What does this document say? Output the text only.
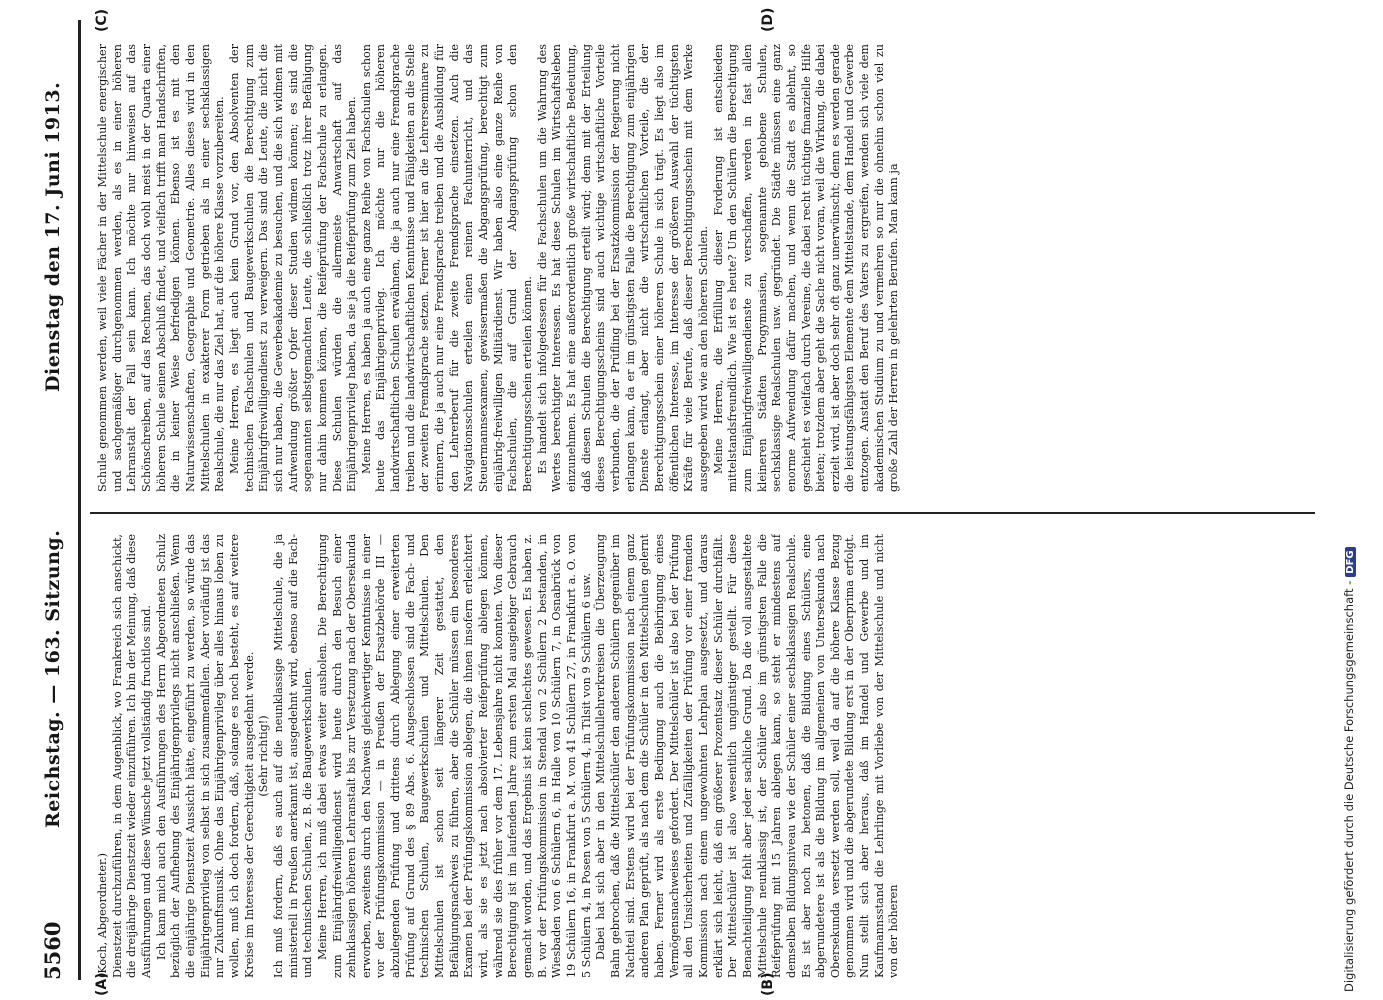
5560
Reichstag. — 163. Sitzung.
Dienstag den 17. Juni 1913.
(A)	(B)
(C)	(D)

(Koch, Abgeordneter.) Dienstzeit durchzuführen, in dem Augenblick, wo Frankreich sich anschickt, die dreijährige Dienstzeit wieder einzuführen. Ich bin der Meinung, daß diese Ausführungen und diese Wünsche jetzt vollständig fruchtlos sind. Ich kann mich auch den Ausführungen des Herrn Abgeordneten Schulz bezüglich der Aufhebung des Einjährigenprivilegs nicht anschließen. Wenn die einjährige Dienstzeit Aussicht hätte, eingeführt zu werden, so würde das Einjährigenprivileg von selbst in sich zusammenfallen. Aber vorläufig ist das nur Zukunftsmusik. Ohne das Einjährigenprivileg über alles hinaus loben zu wollen, muß ich doch fordern, daß, solange es noch besteht, es auf weitere Kreise im Interesse der Gerechtigkeit ausgedehnt werde. (Sehr richtig!) Ich muß fordern, daß es auch auf die neunklassige Mittelschule, die ja ministeriell in Preußen anerkannt ist, ausgedehnt wird, ebenso auf die Fach- und technischen Schulen, z. B. die Baugewerkschulen. Meine Herren, ich muß dabei etwas weiter ausholen. Die Berechtigung zum Einjährigfreiwilligendienst wird heute durch den Besuch einer zehnklassigen höheren Lehranstalt bis zur Versetzung nach der Obersekunda erworben, zweitens durch den Nachweis gleichwertiger Kenntnisse in einer vor der Prüfungskommission — in Preußen der Ersatzbehörde III — abzulegenden Prüfung und drittens durch Ablegung einer erweiterten Prüfung auf Grund des § 89 Abs. 6. Ausgeschlossen sind die Fach- und technischen Schulen, Baugewerkschulen und Mittelschulen. Den Mittelschulen ist schon seit längerer Zeit gestattet, den Befähigungsnachweis zu führen, aber die Schüler müssen ein besonderes Examen bei der Prüfungskommission ablegen, die ihnen insofern erleichtert wird, als sie es jetzt nach absolvierter Reifeprüfung ablegen können, während sie dies früher vor dem 17. Lebensjahre nicht konnten. Von dieser Berechtigung ist im laufenden Jahre zum ersten Mal ausgiebiger Gebrauch gemacht worden, und das Ergebnis ist kein schlechtes gewesen. Es haben z. B. vor der Prüfungskommission in Stendal von 2 Schülern 2 bestanden, in Wiesbaden von 6 Schülern 6, in Halle von 10 Schülern 7, in Osnabrück von 19 Schülern 16, in Frankfurt a. M. von 41 Schülern 27, in Frankfurt a. O. von 5 Schülern 4, in Posen von 5 Schülern 4, in Tilsit von 9 Schülern 6 usw. Dabei hat sich aber in den Mittelschullehrerkreisen die Überzeugung Bahn gebrochen, daß die Mittelschüler den anderen Schülern gegenüber im Nachteil sind. Erstens wird bei der Prüfungskommission nach einem ganz anderen Plan geprüft, als nach dem die Schüler in den Mittelschulen gelernt haben. Ferner wird als erste Bedingung auch die Beibringung eines Vermögensnachweises gefordert. Der Mittelschüler ist also bei der Prüfung all den Unsicherheiten und Zufälligkeiten der Prüfung vor einer fremden Kommission nach einem ungewohnten Lehrplan ausgesetzt, und daraus erklärt sich leicht, daß ein größerer Prozentsatz dieser Schüler durchfällt. Der Mittelschüler ist also wesentlich ungünstiger gestellt. Für diese Benachteiligung fehlt aber jeder sachliche Grund. Da die voll ausgestaltete Mittelschule neunklassig ist, der Schüler also im günstigsten Falle die Reifeprüfung mit 15 Jahren ablegen kann, so steht er mindestens auf demselben Bildungsniveau wie der Schüler einer sechsklassigen Realschule. Es ist aber noch zu betonen, daß die Bildung eines Schülers, eine abgerundetere ist als die Bildung im allgemeinen von Untersekunda nach Obersekunda versetzt werden soll, weil da auf die höhere Klasse Bezug genommen wird und die abgerundete Bildung erst in der Oberprima erfolgt. Nun stellt sich aber heraus, daß im Handel und Gewerbe und im Kaufmannsstand die Lehrlinge mit Vorliebe von der Mittelschule und nicht von der höheren

Schule genommen werden, weil viele Fächer in der Mittelschule energischer und sachgemäßiger durchgenommen werden, als es in einer höheren Lehranstalt der Fall sein kann. Ich möchte nur hinweisen auf das Schönschreiben, auf das Rechnen, das doch wohl meist in der Quarta einer höheren Schule seinen Abschluß findet, und vielfach trifft man Handschriften, die in keiner Weise befriedigen können. Ebenso ist es mit den Naturwissenschaften, Geographie und Geometrie. Alles dieses wird in den Mittelschulen in exakterer Form getrieben als in einer sechsklassigen Realschule, die nur das Ziel hat, auf die höhere Klasse vorzubereiten. Meine Herren, es liegt auch kein Grund vor, den Absolventen der technischen Fachschulen und Baugewerkschulen die Berechtigung zum Einjährigfreiwilligendienst zu verweigern. Das sind die Leute, die nicht die sich nur haben, die Gewerbeakademie zu besuchen, und die sich widmen mit Aufwendung größter Opfer dieser Studien widmen können; es sind die sogenannten selbstgemachten Leute, die schließlich trotz ihrer Befähigung nur dahin kommen können, die Reifeprüfung der Fachschule zu erlangen. Diese Schulen würden die allermeiste Anwartschaft auf das Einjährigenprivileg haben, da sie ja die Reifeprüfung zum Ziel haben. Meine Herren, es haben ja auch eine ganze Reihe von Fachschulen schon heute das Einjährigenprivileg. Ich möchte nur die höheren landwirtschaftlichen Schulen erwähnen, die ja auch nur eine Fremdsprache treiben und die landwirtschaftlichen Kenntnisse und Fähigkeiten an die Stelle der zweiten Fremdsprache setzen. Ferner ist hier an die Lehrerseminare zu erinnern, die ja auch nur eine Fremdsprache treiben und die Ausbildung für den Lehrerberuf für die zweite Fremdsprache einsetzen. Auch die Navigationsschulen erteilen einen reinen Fachunterricht, und das Steuermannsexamen, gewissermaßen die Abgangsprüfung, berechtigt zum einjährig-freiwilligen Militärdienst. Wir haben also eine ganze Reihe von Fachschulen, die auf Grund der Abgangsprüfung schon den Berechtigungsschein erteilen können. Es handelt sich infolgedessen für die Fachschulen um die Wahrung des Wertes berechtigter Interessen. Es hat diese Schulen im Wirtschaftsleben einzunehmen. Es hat eine außerordentlich große wirtschaftliche Bedeutung, daß diesen Schulen die Berechtigung erteilt wird; denn mit der Erteilung dieses Berechtigungsscheins sind auch wichtige wirtschaftliche Vorteile verbunden, die der Prüfling bei der Ersatzkommission der Regierung nicht erlangen kann, da er im günstigsten Falle die Berechtigung zum einjährigen Dienste erlangt, aber nicht die wirtschaftlichen Vorteile, die der Berechtigungsschein einer höheren Schule in sich trägt. Es liegt also im öffentlichen Interesse, im Interesse der größeren Auswahl der tüchtigsten Kräfte für viele Berufe, daß dieser Berechtigungsschein mit dem Werke ausgegeben wird wie an den höheren Schulen. Meine Herren, die Erfüllung dieser Forderung ist entschieden mittelstandsfreundlich. Wie ist es heute? Um den Schülern die Berechtigung zum Einjährigfreiwilligendienste zu verschaffen, werden in fast allen kleineren Städten Progymnasien, sogenannte gehobene Schulen, sechsklassige Realschulen usw. gegründet. Die Städte müssen eine ganz enorme Aufwendung dafür machen, und wenn die Stadt es ablehnt, so geschieht es vielfach durch Vereine, die dabei recht tüchtige finanzielle Hilfe bieten; trotzdem aber geht die Sache nicht voran, weil die Wirkung, die dabei erzielt wird, ist aber doch sehr oft ganz unerwünscht; denn es werden gerade die leistungsfähigsten Elemente dem Mittelstande, dem Handel und Gewerbe entzogen. Anstatt den Beruf des Vaters zu ergreifen, wenden sich viele dem akademischen Studium zu und vermehren so nur die ohnehin schon viel zu große Zahl der Herren in gelehrten Berufen. Man kann ja

Digitalisierung gefördert durch die Deutsche Forschungsgemeinschaft -DFG
